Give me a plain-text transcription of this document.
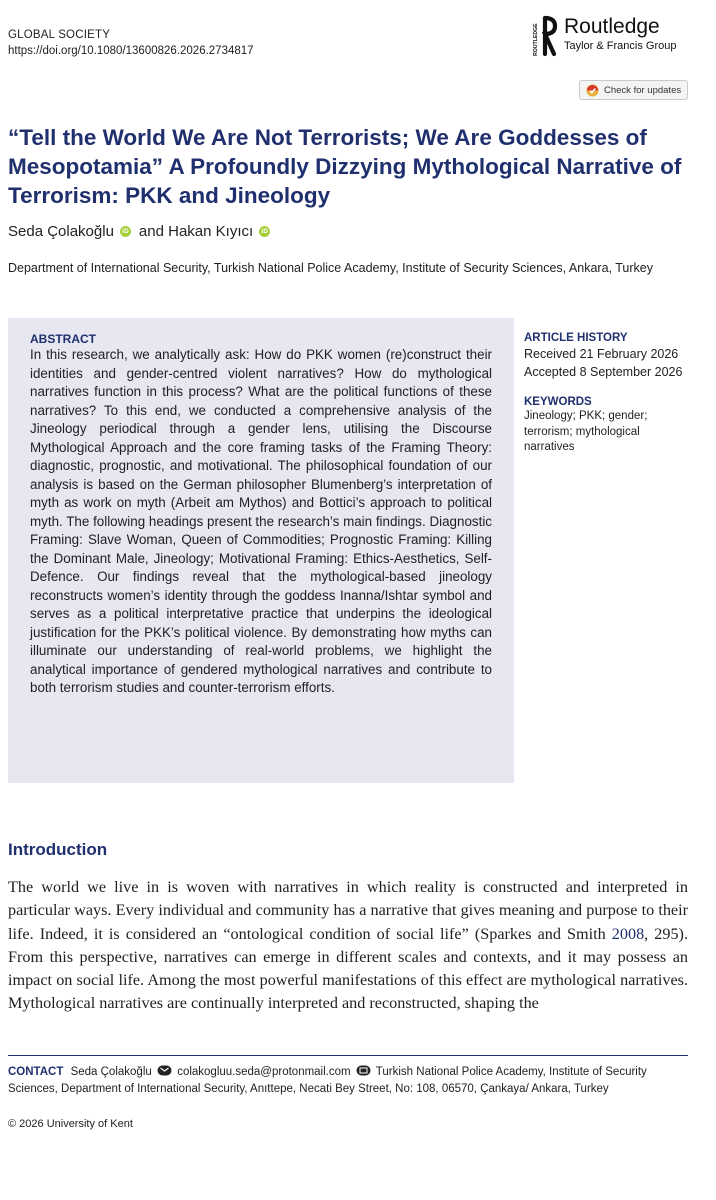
GLOBAL SOCIETY
https://doi.org/10.1080/13600826.2026.2734817	ROUTLEDGE Routledge
Taylor & Francis Group
Check for updates
“Tell the World We Are Not Terrorists; We Are Goddesses of Mesopotamia” A Profoundly Dizzying Mythological Narrative of Terrorism: PKK and Jineology
Seda Çolakoğlu	iD and Hakan Kıyıcı	iD
Department of International Security, Turkish National Police Academy, Institute of Security Sciences, Ankara, Turkey

ABSTRACT

In this research, we analytically ask: How do PKK women (re)construct their identities and gender-centred violent narratives? How do mythological narratives function in this process? What are the political functions of these narratives? To this end, we conducted a comprehensive analysis of the Jineology periodical through a gender lens, utilising the Discourse Mythological Approach and the core framing tasks of the Framing Theory: diagnostic, prognostic, and motivational. The philosophical foundation of our analysis is based on the German philosopher Blumenberg’s interpretation of myth as work on myth (Arbeit am Mythos) and Bottici’s approach to political myth. The following headings present the research’s main findings. Diagnostic Framing: Slave Woman, Queen of Commodities; Prognostic Framing: Killing the Dominant Male, Jineology; Motivational Framing: Ethics-Aesthetics, Self-Defence. Our findings reveal that the mythological-based jineology reconstructs women’s identity through the goddess Inanna/Ishtar symbol and serves as a political interpretative practice that underpins the ideological justification for the PKK’s political violence. By demonstrating how myths can illuminate our understanding of real-world problems, we highlight the analytical importance of gendered mythological narratives and contribute to both terrorism studies and counter-terrorism efforts.

ARTICLE HISTORY
Received 21 February 2026
Accepted 8 September 2026
KEYWORDS
Jineology; PKK; gender; terrorism; mythological narratives
Introduction

The world we live in is woven with narratives in which reality is constructed and interpreted in particular ways. Every individual and community has a narrative that gives meaning and purpose to their life. Indeed, it is considered an “ontological condition of social life” (Sparkes and Smith 2008, 295). From this perspective, narratives can emerge in different scales and contexts, and it may possess an impact on social life. Among the most powerful manifestations of this effect are mythological narratives. Mythological narratives are continually interpreted and reconstructed, shaping the

CONTACT Seda Çolakoğlu colakogluu.seda@protonmail.com Turkish National Police Academy, Institute of Security Sciences, Department of International Security, Anıttepe, Necati Bey Street, No: 108, 06570, Çankaya/ Ankara, Turkey
© 2026 University of Kent
